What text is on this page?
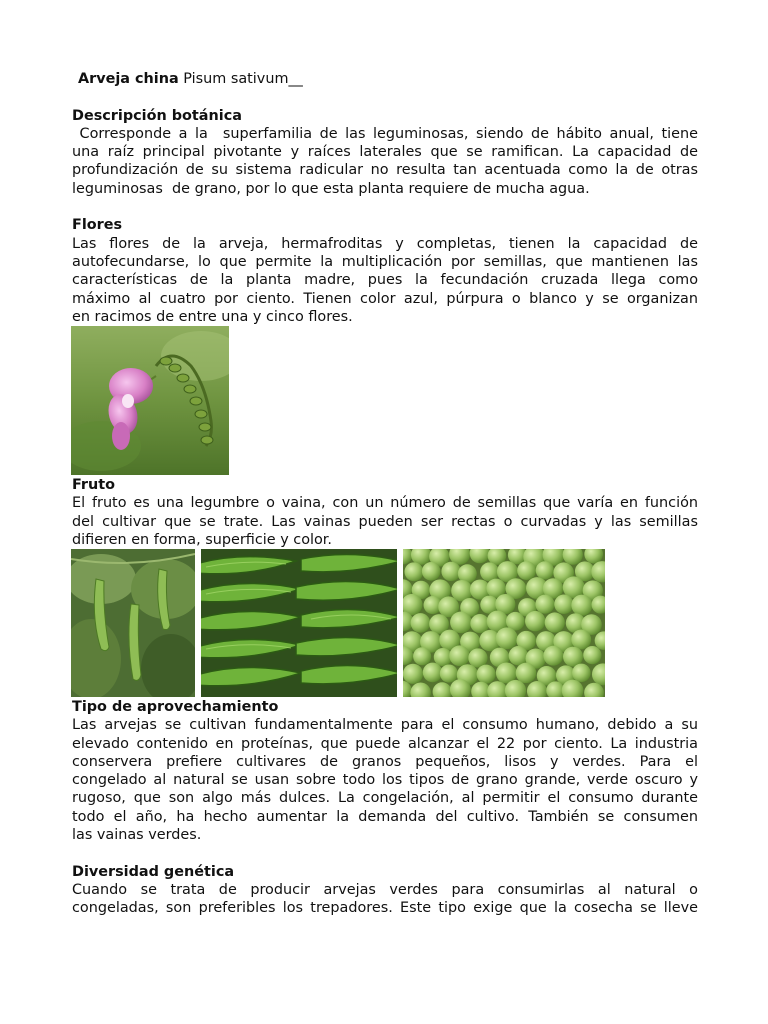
Arveja china Pisum sativum__

Descripción botánica

Corresponde a la  superfamilia de las leguminosas, siendo de hábito anual, tiene

una raíz principal pivotante y raíces laterales que se ramifican. La capacidad de

profundización de su sistema radicular no resulta tan acentuada como la de otras

leguminosas  de grano, por lo que esta planta requiere de mucha agua.

Flores

Las flores de la arveja, hermafroditas y completas, tienen la capacidad de

autofecundarse, lo que permite la multiplicación por semillas, que mantienen las

características de la planta madre, pues la fecundación cruzada llega como

máximo al cuatro por ciento. Tienen color azul, púrpura o blanco y se organizan

en racimos de entre una y cinco flores.

Fruto

El fruto es una legumbre o vaina, con un número de semillas que varía en función

del cultivar que se trate. Las vainas pueden ser rectas o curvadas y las semillas

difieren en forma, superficie y color.

Tipo de aprovechamiento

Las arvejas se cultivan fundamentalmente para el consumo humano, debido a su

elevado contenido en proteínas, que puede alcanzar el 22 por ciento. La industria

conservera prefiere cultivares de granos pequeños, lisos y verdes. Para el

congelado al natural se usan sobre todo los tipos de grano grande, verde oscuro y

rugoso, que son algo más dulces. La congelación, al permitir el consumo durante

todo el año, ha hecho aumentar la demanda del cultivo. También se consumen

las vainas verdes.

Diversidad genética

Cuando se trata de producir arvejas verdes para consumirlas al natural o

congeladas, son preferibles los trepadores. Este tipo exige que la cosecha se lleve
